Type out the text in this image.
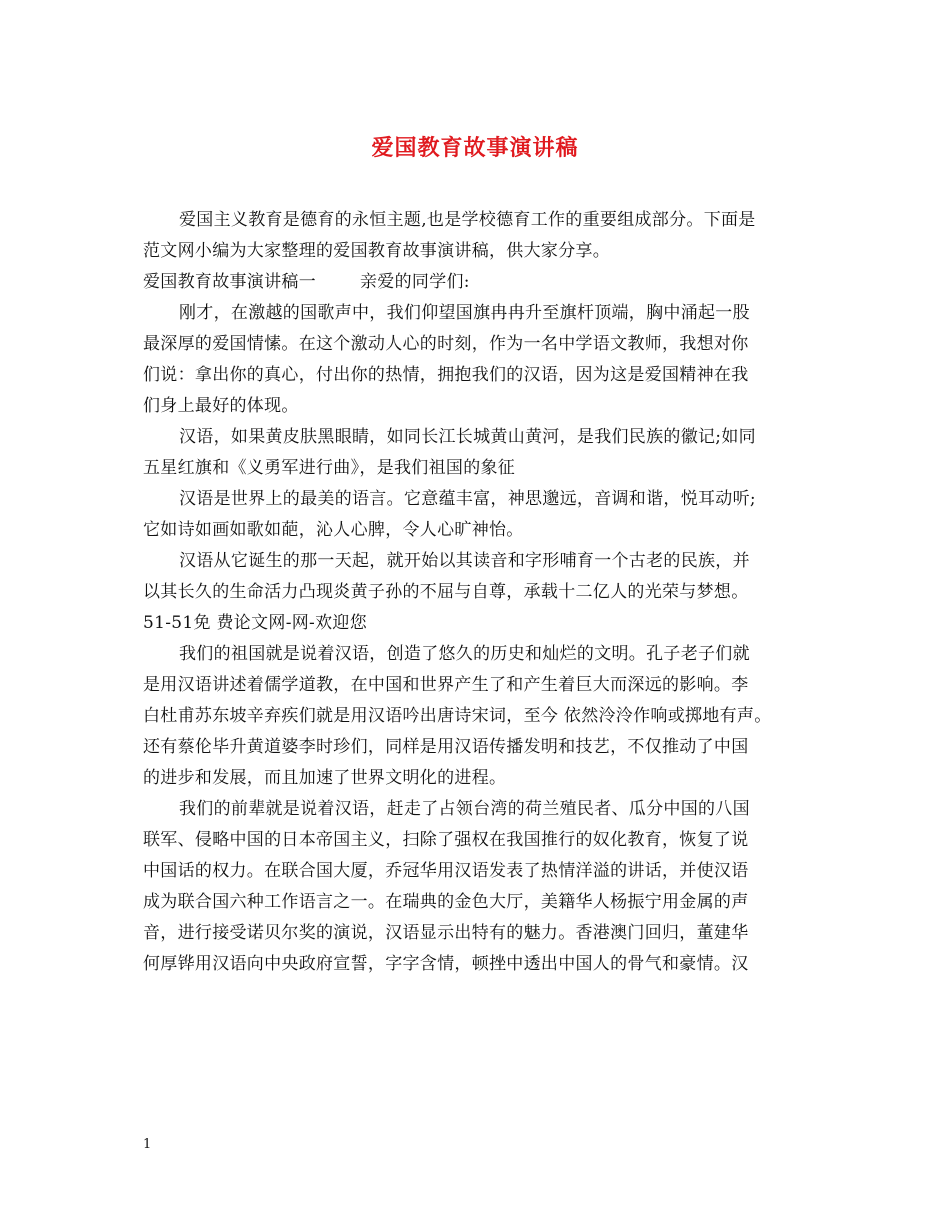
爱国教育故事演讲稿
爱国主义教育是德育的永恒主题,也是学校德育工作的重要组成部分。下面是
范文网小编为大家整理的爱国教育故事演讲稿，供大家分享。
爱国教育故事演讲稿一	亲爱的同学们:
刚才，在激越的国歌声中，我们仰望国旗冉冉升至旗杆顶端，胸中涌起一股
最深厚的爱国情愫。在这个激动人心的时刻，作为一名中学语文教师，我想对你
们说：拿出你的真心，付出你的热情，拥抱我们的汉语，因为这是爱国精神在我
们身上最好的体现。
汉语，如果黄皮肤黑眼睛，如同长江长城黄山黄河，是我们民族的徽记;如同
五星红旗和《义勇军进行曲》，是我们祖国的象征
汉语是世界上的最美的语言。它意蕴丰富，神思邈远，音调和谐，悦耳动听;
它如诗如画如歌如葩，沁人心脾，令人心旷神怡。
汉语从它诞生的那一天起，就开始以其读音和字形哺育一个古老的民族，并
以其长久的生命活力凸现炎黄子孙的不屈与自尊，承载十二亿人的光荣与梦想。
51-51免 费论文网-网-欢迎您
我们的祖国就是说着汉语，创造了悠久的历史和灿烂的文明。孔子老子们就
是用汉语讲述着儒学道教，在中国和世界产生了和产生着巨大而深远的影响。李
白杜甫苏东坡辛弃疾们就是用汉语吟出唐诗宋词，至今 依然泠泠作响或掷地有声。
还有蔡伦毕升黄道婆李时珍们，同样是用汉语传播发明和技艺，不仅推动了中国
的进步和发展，而且加速了世界文明化的进程。
我们的前辈就是说着汉语，赶走了占领台湾的荷兰殖民者、瓜分中国的八国
联军、侵略中国的日本帝国主义，扫除了强权在我国推行的奴化教育，恢复了说
中国话的权力。在联合国大厦，乔冠华用汉语发表了热情洋溢的讲话，并使汉语
成为联合国六种工作语言之一。在瑞典的金色大厅，美籍华人杨振宁用金属的声
音，进行接受诺贝尔奖的演说，汉语显示出特有的魅力。香港澳门回归，董建华
何厚铧用汉语向中央政府宣誓，字字含情，顿挫中透出中国人的骨气和豪情。汉
1
